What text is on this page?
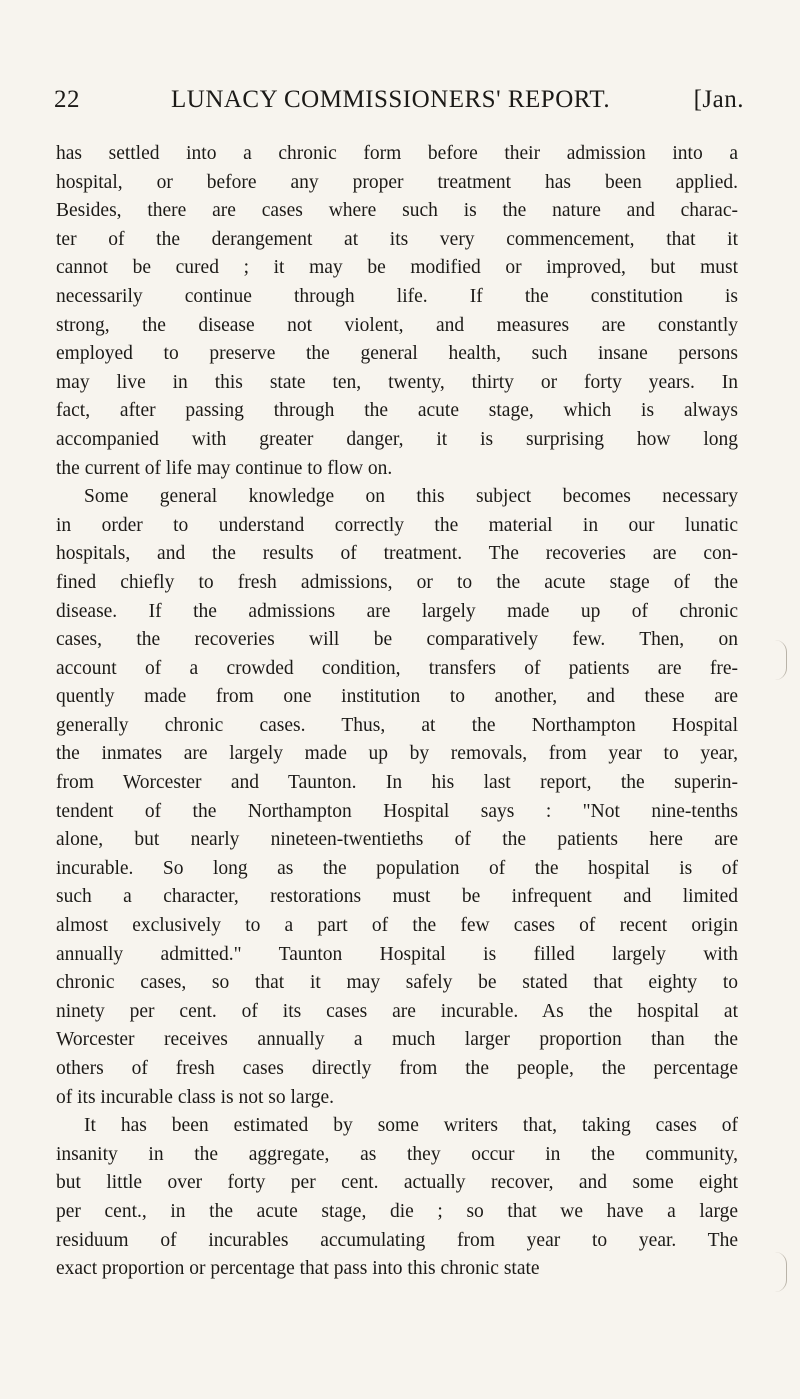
22	LUNACY COMMISSIONERS' REPORT.	[Jan.
has settled into a chronic form before their admission into a
hospital, or before any proper treatment has been applied.
Besides, there are cases where such is the nature and charac-
ter of the derangement at its very commencement, that it
cannot be cured ; it may be modified or improved, but must
necessarily continue through life. If the constitution is
strong, the disease not violent, and measures are constantly
employed to preserve the general health, such insane persons
may live in this state ten, twenty, thirty or forty years. In
fact, after passing through the acute stage, which is always
accompanied with greater danger, it is surprising how long
the current of life may continue to flow on.
Some general knowledge on this subject becomes necessary
in order to understand correctly the material in our lunatic
hospitals, and the results of treatment. The recoveries are con-
fined chiefly to fresh admissions, or to the acute stage of the
disease. If the admissions are largely made up of chronic
cases, the recoveries will be comparatively few. Then, on
account of a crowded condition, transfers of patients are fre-
quently made from one institution to another, and these are
generally chronic cases. Thus, at the Northampton Hospital
the inmates are largely made up by removals, from year to year,
from Worcester and Taunton. In his last report, the superin-
tendent of the Northampton Hospital says : "Not nine-tenths
alone, but nearly nineteen-twentieths of the patients here are
incurable. So long as the population of the hospital is of
such a character, restorations must be infrequent and limited
almost exclusively to a part of the few cases of recent origin
annually admitted." Taunton Hospital is filled largely with
chronic cases, so that it may safely be stated that eighty to
ninety per cent. of its cases are incurable. As the hospital at
Worcester receives annually a much larger proportion than the
others of fresh cases directly from the people, the percentage
of its incurable class is not so large.
It has been estimated by some writers that, taking cases of
insanity in the aggregate, as they occur in the community,
but little over forty per cent. actually recover, and some eight
per cent., in the acute stage, die ; so that we have a large
residuum of incurables accumulating from year to year. The
exact proportion or percentage that pass into this chronic state
